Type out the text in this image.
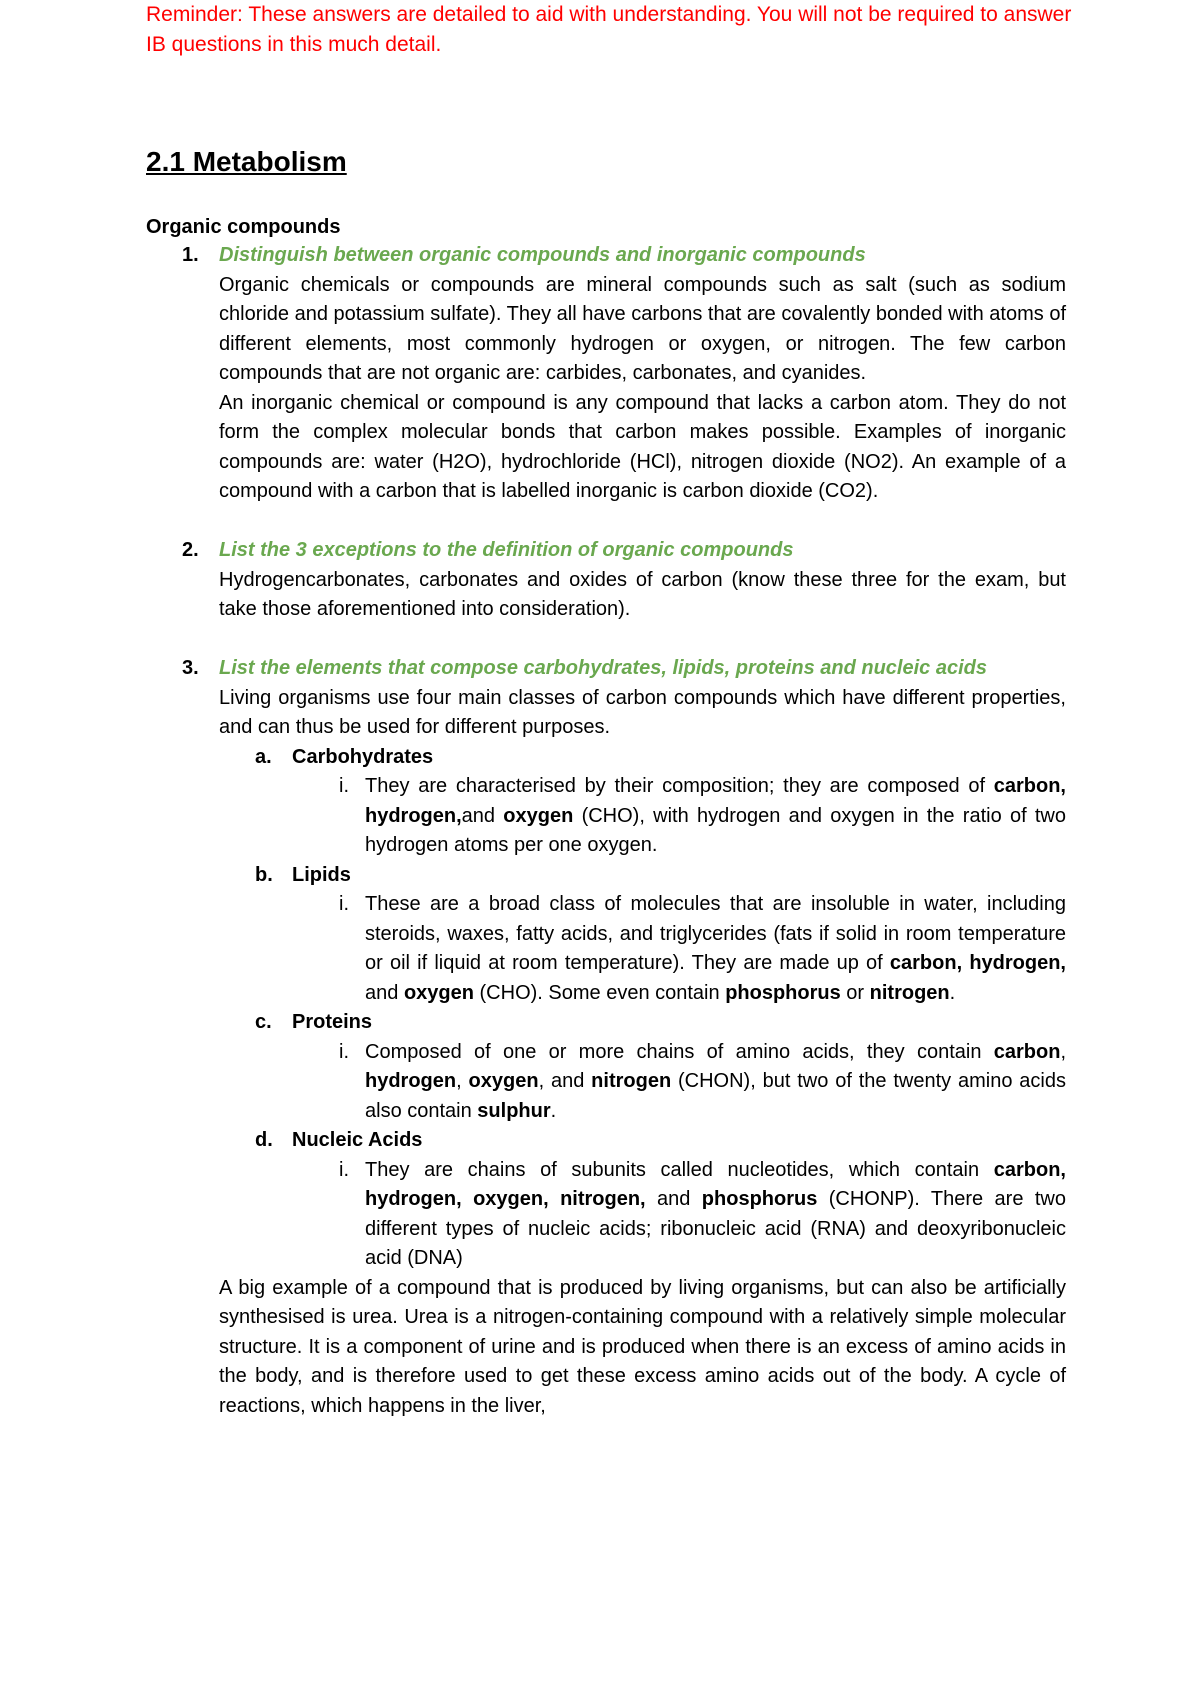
Reminder: These answers are detailed to aid with understanding. You will not be required to answer IB questions in this much detail.
2.1 Metabolism
Organic compounds
1. Distinguish between organic compounds and inorganic compounds

Organic chemicals or compounds are mineral compounds such as salt (such as sodium chloride and potassium sulfate). They all have carbons that are covalently bonded with atoms of different elements, most commonly hydrogen or oxygen, or nitrogen. The few carbon compounds that are not organic are: carbides, carbonates, and cyanides.

An inorganic chemical or compound is any compound that lacks a carbon atom. They do not form the complex molecular bonds that carbon makes possible. Examples of inorganic compounds are: water (H2O), hydrochloride (HCl), nitrogen dioxide (NO2). An example of a compound with a carbon that is labelled inorganic is carbon dioxide (CO2).

2. List the 3 exceptions to the definition of organic compounds

Hydrogencarbonates, carbonates and oxides of carbon (know these three for the exam, but take those aforementioned into consideration).

3. List the elements that compose carbohydrates, lipids, proteins and nucleic acids

Living organisms use four main classes of carbon compounds which have different properties, and can thus be used for different purposes.

a. Carbohydrates
i. They are characterised by their composition; they are composed of carbon, hydrogen,and oxygen (CHO), with hydrogen and oxygen in the ratio of two hydrogen atoms per one oxygen.
b. Lipids
i. These are a broad class of molecules that are insoluble in water, including steroids, waxes, fatty acids, and triglycerides (fats if solid in room temperature or oil if liquid at room temperature). They are made up of carbon, hydrogen, and oxygen (CHO). Some even contain phosphorus or nitrogen.
c. Proteins
i. Composed of one or more chains of amino acids, they contain carbon, hydrogen, oxygen, and nitrogen (CHON), but two of the twenty amino acids also contain sulphur.
d. Nucleic Acids
i. They are chains of subunits called nucleotides, which contain carbon, hydrogen, oxygen, nitrogen, and phosphorus (CHONP). There are two different types of nucleic acids; ribonucleic acid (RNA) and deoxyribonucleic acid (DNA)

A big example of a compound that is produced by living organisms, but can also be artificially synthesised is urea. Urea is a nitrogen-containing compound with a relatively simple molecular structure. It is a component of urine and is produced when there is an excess of amino acids in the body, and is therefore used to get these excess amino acids out of the body. A cycle of reactions, which happens in the liver,
